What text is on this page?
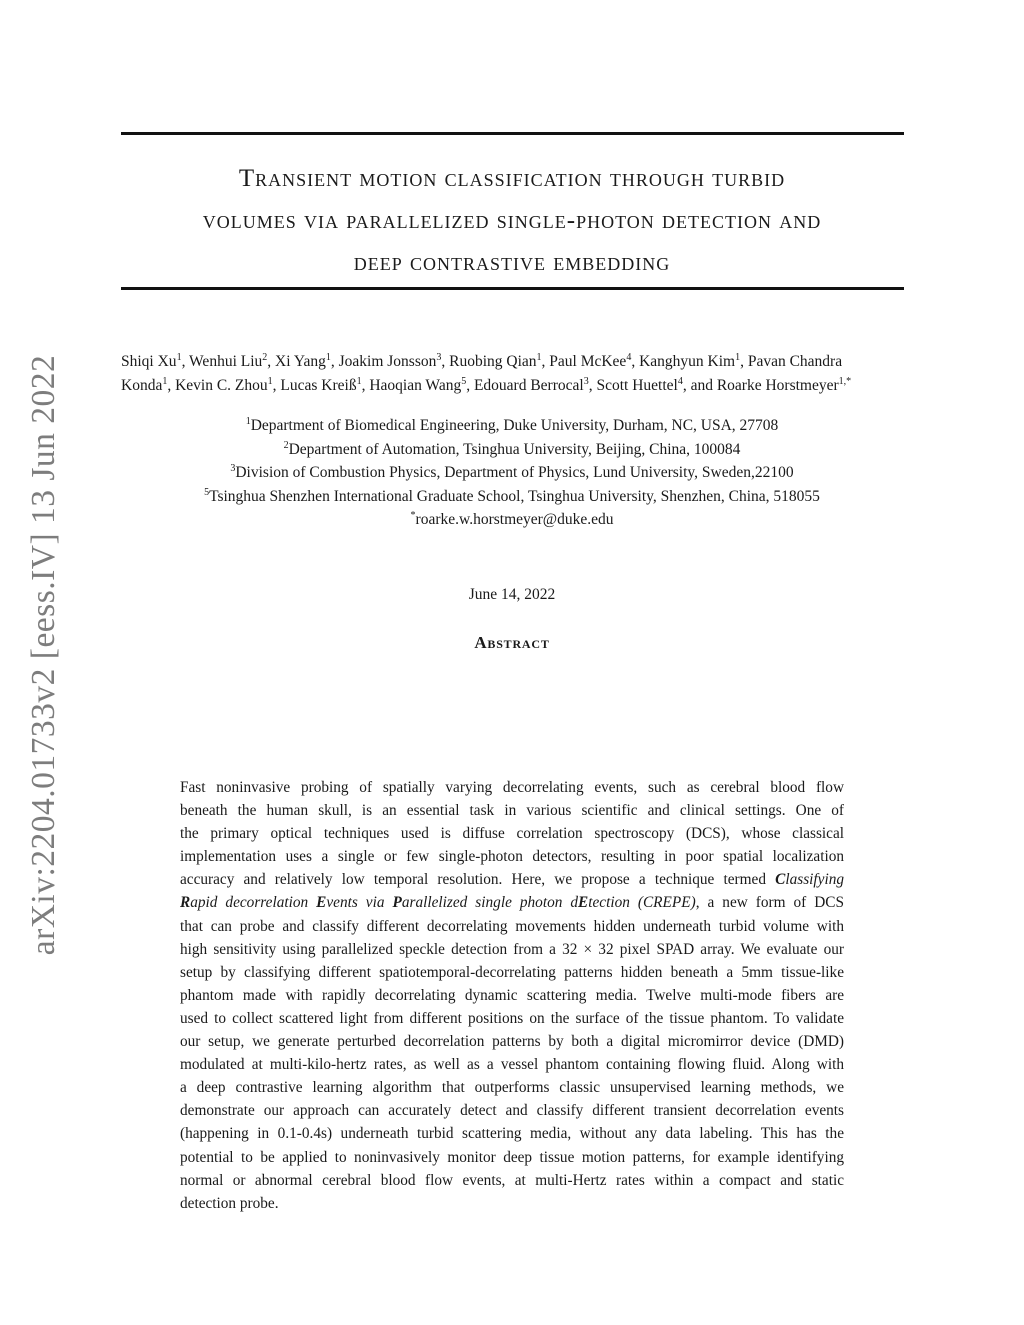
Transient motion classification through turbid
volumes via parallelized single-photon detection and
deep contrastive embedding
Shiqi Xu$^1$, Wenhui Liu$^2$, Xi Yang$^1$, Joakim Jonsson$^3$, Ruobing Qian$^1$, Paul McKee$^4$, Kanghyun Kim$^1$, Pavan Chandra
Konda$^1$, Kevin C. Zhou$^1$, Lucas Kreiß$^1$, Haoqian Wang$^5$, Edouard Berrocal$^3$, Scott Huettel$^4$, and Roarke Horstmeyer$^{1,*}$
$^1$Department of Biomedical Engineering, Duke University, Durham, NC, USA, 27708
$^2$Department of Automation, Tsinghua University, Beijing, China, 100084
$^3$Division of Combustion Physics, Department of Physics, Lund University, Sweden,22100
$^5$Tsinghua Shenzhen International Graduate School, Tsinghua University, Shenzhen, China, 518055
*roarke.w.horstmeyer@duke.edu
June 14, 2022
Abstract
Fast noninvasive probing of spatially varying decorrelating events, such as cerebral blood flow
beneath the human skull, is an essential task in various scientific and clinical settings. One of
the primary optical techniques used is diffuse correlation spectroscopy (DCS), whose classical
implementation uses a single or few single-photon detectors, resulting in poor spatial localization
accuracy and relatively low temporal resolution. Here, we propose a technique termed Classifying
Rapid decorrelation Events via Parallelized single photon dEtection (CREPE), a new form of DCS
that can probe and classify different decorrelating movements hidden underneath turbid volume with
high sensitivity using parallelized speckle detection from a 32 × 32 pixel SPAD array. We evaluate our
setup by classifying different spatiotemporal-decorrelating patterns hidden beneath a 5mm tissue-like
phantom made with rapidly decorrelating dynamic scattering media. Twelve multi-mode fibers are
used to collect scattered light from different positions on the surface of the tissue phantom. To validate
our setup, we generate perturbed decorrelation patterns by both a digital micromirror device (DMD)
modulated at multi-kilo-hertz rates, as well as a vessel phantom containing flowing fluid. Along with
a deep contrastive learning algorithm that outperforms classic unsupervised learning methods, we
demonstrate our approach can accurately detect and classify different transient decorrelation events
(happening in 0.1-0.4s) underneath turbid scattering media, without any data labeling. This has the
potential to be applied to noninvasively monitor deep tissue motion patterns, for example identifying
normal or abnormal cerebral blood flow events, at multi-Hertz rates within a compact and static
detection probe.
arXiv:2204.01733v2 [eess.IV] 13 Jun 2022
